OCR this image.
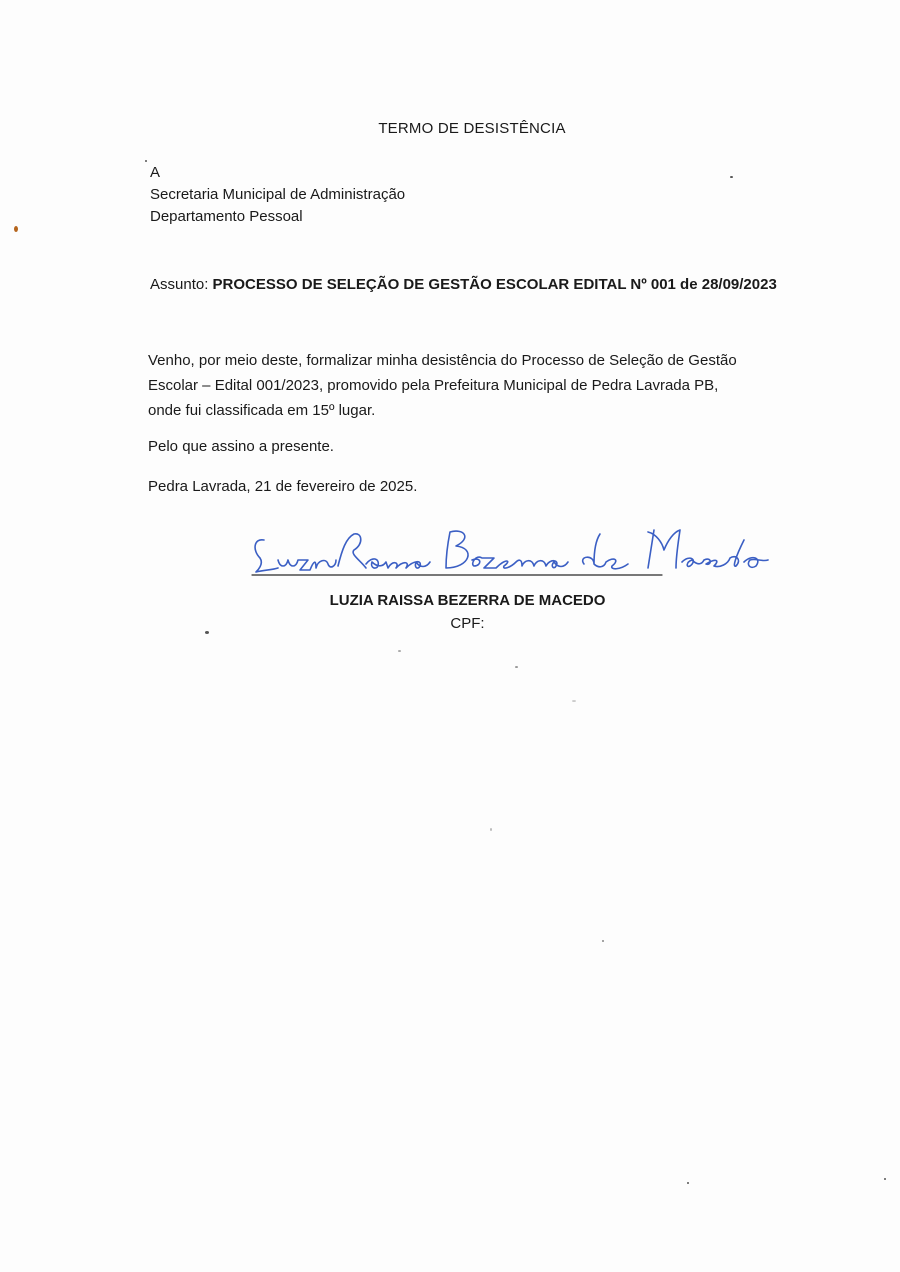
TERMO DE DESISTÊNCIA
A
Secretaria Municipal de Administração
Departamento Pessoal
Assunto: PROCESSO DE SELEÇÃO DE GESTÃO ESCOLAR EDITAL Nº 001 de 28/09/2023
Venho, por meio deste, formalizar minha desistência do Processo de Seleção de Gestão
Escolar – Edital 001/2023, promovido pela Prefeitura Municipal de Pedra Lavrada PB,
onde fui classificada em 15º lugar.
Pelo que assino a presente.
Pedra Lavrada, 21 de fevereiro de 2025.
LUZIA RAISSA BEZERRA DE MACEDO
CPF:
